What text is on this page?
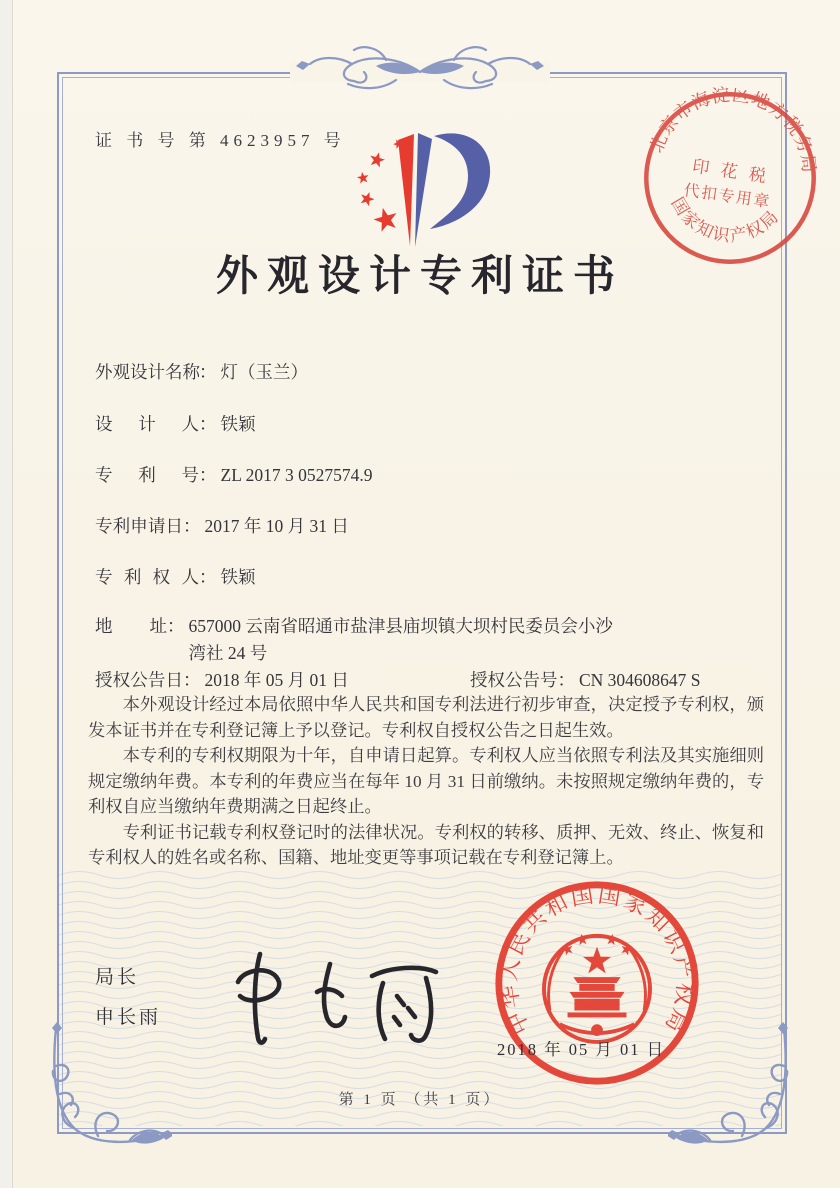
证 书 号 第 4623957 号	北京市海淀区地方税务局
印 花 税
代扣专用章
国家知识产权局
外观设计专利证书
外观设计名称： 灯（玉兰）
设计人： 铁颖
专利号： ZL 2017 3 0527574.9
专利申请日： 2017 年 10 月 31 日
专利权人： 铁颖
地址： 657000 云南省昭通市盐津县庙坝镇大坝村民委员会小沙湾社 24 号
授权公告日： 2018 年 05 月 01 日	授权公告号： CN 304608647 S

本外观设计经过本局依照中华人民共和国专利法进行初步审查，决定授予专利权，颁发本证书并在专利登记簿上予以登记。专利权自授权公告之日起生效。

本专利的专利权期限为十年，自申请日起算。专利权人应当依照专利法及其实施细则规定缴纳年费。本专利的年费应当在每年 10 月 31 日前缴纳。未按照规定缴纳年费的，专利权自应当缴纳年费期满之日起终止。

专利证书记载专利权登记时的法律状况。专利权的转移、质押、无效、终止、恢复和专利权人的姓名或名称、国籍、地址变更等事项记载在专利登记簿上。

局长
申长雨	中华人民共和国国家知识产权局
2018 年 05 月 01 日
第 1 页 （共 1 页）
